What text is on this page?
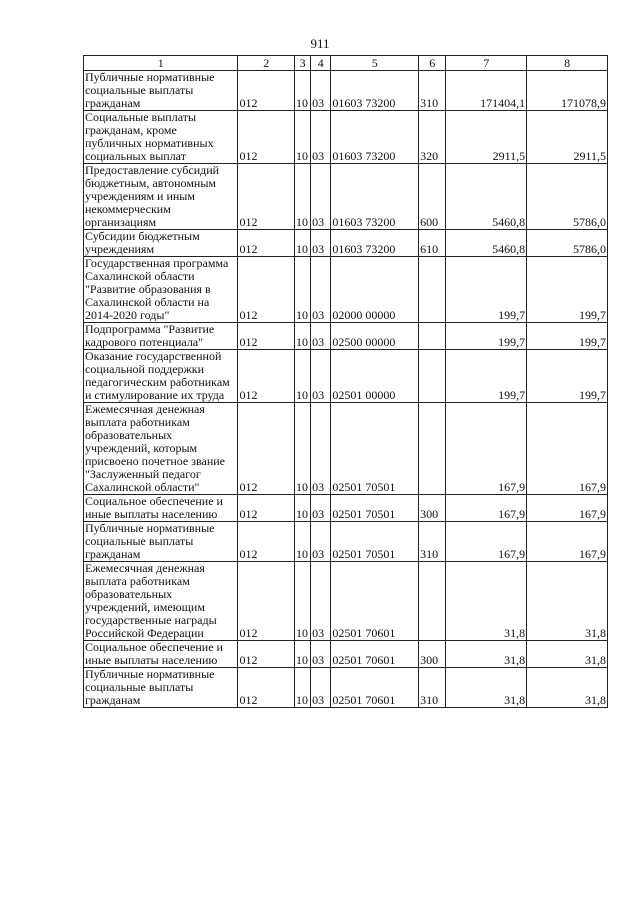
911
1	2	3	4	5	6	7	8
Публичные нормативные социальные выплаты гражданам	012	10	03	01603 73200	310	171404,1	171078,9
Социальные выплаты гражданам, кроме публичных нормативных социальных выплат	012	10	03	01603 73200	320	2911,5	2911,5
Предоставление субсидий бюджетным, автономным учреждениям и иным некоммерческим организациям	012	10	03	01603 73200	600	5460,8	5786,0
Субсидии бюджетным учреждениям	012	10	03	01603 73200	610	5460,8	5786,0
Государственная программа Сахалинской области "Развитие образования в Сахалинской области на 2014-2020 годы"	012	10	03	02000 00000		199,7	199,7
Подпрограмма "Развитие кадрового потенциала"	012	10	03	02500 00000		199,7	199,7
Оказание государственной социальной поддержки педагогическим работникам и стимулирование их труда	012	10	03	02501 00000		199,7	199,7
Ежемесячная денежная выплата работникам образовательных учреждений, которым присвоено почетное звание "Заслуженный педагог Сахалинской области"	012	10	03	02501 70501		167,9	167,9
Социальное обеспечение и иные выплаты населению	012	10	03	02501 70501	300	167,9	167,9
Публичные нормативные социальные выплаты гражданам	012	10	03	02501 70501	310	167,9	167,9
Ежемесячная денежная выплата работникам образовательных учреждений, имеющим государственные награды Российской Федерации	012	10	03	02501 70601		31,8	31,8
Социальное обеспечение и иные выплаты населению	012	10	03	02501 70601	300	31,8	31,8
Публичные нормативные социальные выплаты гражданам	012	10	03	02501 70601	310	31,8	31,8
